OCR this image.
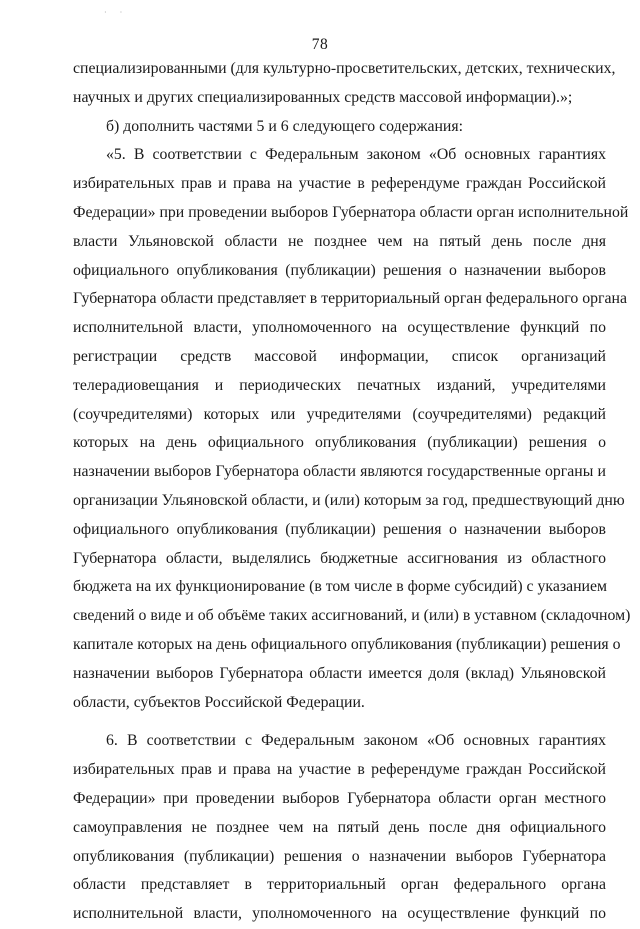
·  ·
78
специализированными (для культурно-просветительских, детских, технических,
научных и других специализированных средств массовой информации).»;
б) дополнить частями 5 и 6 следующего содержания:
«5. В соответствии с Федеральным законом «Об основных гарантиях
избирательных прав и права на участие в референдуме граждан Российской
Федерации» при проведении выборов Губернатора области орган исполнительной
власти Ульяновской области не позднее чем на пятый день после дня
официального опубликования (публикации) решения о назначении выборов
Губернатора области представляет в территориальный орган федерального органа
исполнительной власти, уполномоченного на осуществление функций по
регистрации средств массовой информации, список организаций
телерадиовещания и периодических печатных изданий, учредителями
(соучредителями) которых или учредителями (соучредителями) редакций
которых на день официального опубликования (публикации) решения о
назначении выборов Губернатора области являются государственные органы и
организации Ульяновской области, и (или) которым за год, предшествующий дню
официального опубликования (публикации) решения о назначении выборов
Губернатора области, выделялись бюджетные ассигнования из областного
бюджета на их функционирование (в том числе в форме субсидий) с указанием
сведений о виде и об объёме таких ассигнований, и (или) в уставном (складочном)
капитале которых на день официального опубликования (публикации) решения о
назначении выборов Губернатора области имеется доля (вклад) Ульяновской
области, субъектов Российской Федерации.
6. В соответствии с Федеральным законом «Об основных гарантиях
избирательных прав и права на участие в референдуме граждан Российской
Федерации» при проведении выборов Губернатора области орган местного
самоуправления не позднее чем на пятый день после дня официального
опубликования (публикации) решения о назначении выборов Губернатора
области представляет в территориальный орган федерального органа
исполнительной власти, уполномоченного на осуществление функций по
